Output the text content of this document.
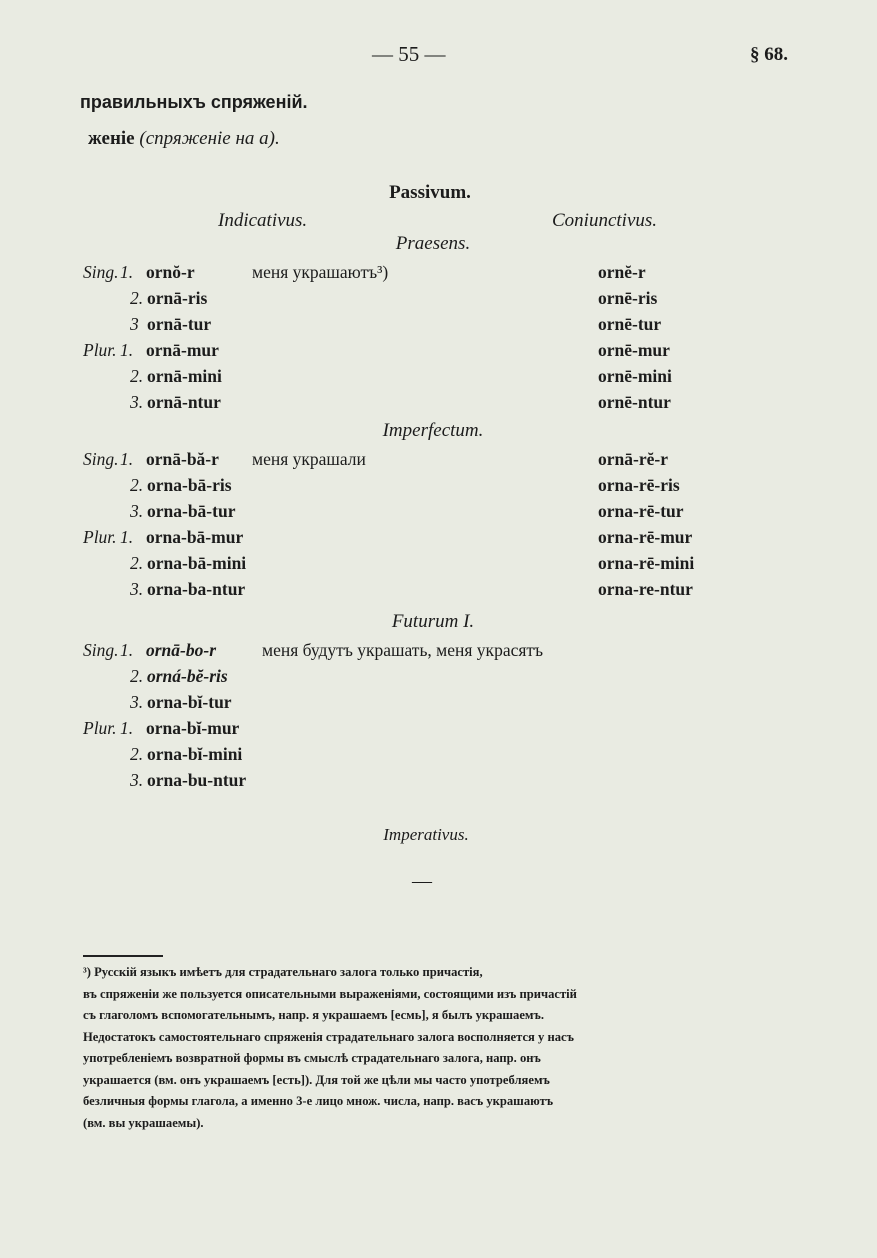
— 55 —	§ 68.
правильныхъ спряженій.
женіе (спряженіе на a).
Passivum.
Indicativus.	Coniunctivus.
Praesens.
Sing. 1. ornŏ-r	меня украшаютъ³)	ornĕ-r
2. ornā-ris	ornē-ris
3 ornā-tur	ornē-tur
Plur. 1. ornā-mur	ornē-mur
2. ornā-mini	ornē-mini
3. ornā-ntur	ornē-ntur
Imperfectum.
Sing. 1. ornā-bă-r меня украшали	ornā-rĕ-r
2. orna-bā-ris	orna-rē-ris
3. orna-bā-tur	orna-rē-tur
Plur. 1. orna-bā-mur	orna-rē-mur
2. orna-bā-mini	orna-rē-mini
3. orna-ba-ntur	orna-re-ntur
Futurum I.
Sing. 1. ornā-bo-r	меня будутъ украшать, меня украсятъ
2. orná-bĕ-ris
3. orna-bĭ-tur
Plur. 1. orna-bĭ-mur
2. orna-bĭ-mini
3. orna-bu-ntur
Imperativus.
—
³) Русскій языкъ имѣетъ для страдательнаго залога только причастія,
въ спряженіи же пользуется описательными выраженіями, состоящими изъ причастій
съ глаголомъ вспомогательнымъ, напр. я украшаемъ [есмь], я былъ украшаемъ.
Недостатокъ самостоятельнаго спряженія страдательнаго залога восполняется у насъ
употребленіемъ возвратной формы въ смыслѣ страдательнаго залога, напр. онъ
украшается (вм. онъ украшаемъ [есть]). Для той же цѣли мы часто употребляемъ
безличныя формы глагола, а именно 3-е лицо множ. числа, напр. васъ украшаютъ
(вм. вы украшаемы).
